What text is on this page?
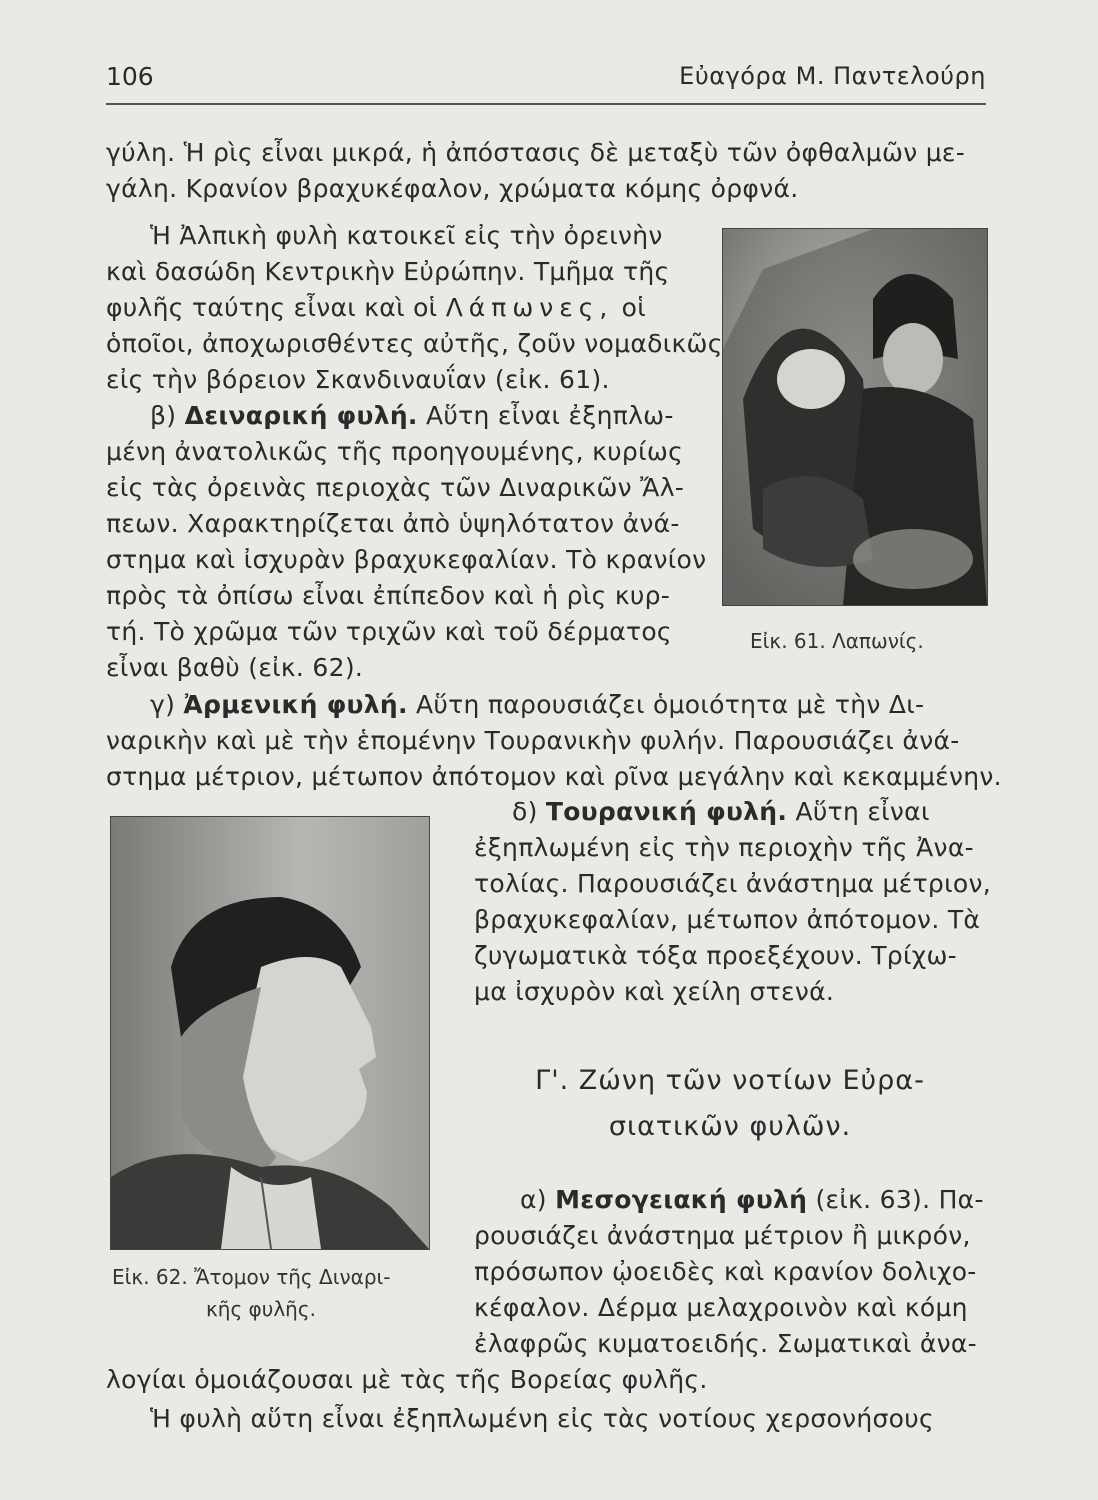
106	Εὐαγόρα Μ. Παντελούρη

γύλη. Ἡ ρὶς εἶναι μικρά, ἡ ἀπόστασις δὲ μεταξὺ τῶν ὀφθαλμῶν με-

γάλη. Κρανίον βραχυκέφαλον, χρώματα κόμης ὀρφνά.

Ἡ Ἀλπικὴ φυλὴ κατοικεῖ εἰς τὴν ὀρεινὴν

καὶ δασώδη Κεντρικὴν Εὐρώπην. Τμῆμα τῆς

φυλῆς ταύτης εἶναι καὶ οἱ Λάπωνες, οἱ

ὁποῖοι, ἀποχωρισθέντες αὐτῆς, ζοῦν νομαδικῶς

εἰς τὴν βόρειον Σκανδιναυΐαν (εἰκ. 61).

β) Δειναρική φυλή. Αὕτη εἶναι ἐξηπλω-

μένη ἀνατολικῶς τῆς προηγουμένης, κυρίως

εἰς τὰς ὀρεινὰς περιοχὰς τῶν Διναρικῶν Ἄλ-

πεων. Χαρακτηρίζεται ἀπὸ ὑψηλότατον ἀνά-

στημα καὶ ἰσχυρὰν βραχυκεφαλίαν. Τὸ κρανίον

πρὸς τὰ ὀπίσω εἶναι ἐπίπεδον καὶ ἡ ρὶς κυρ-

τή. Τὸ χρῶμα τῶν τριχῶν καὶ τοῦ δέρματος

εἶναι βαθὺ (εἰκ. 62).

Εἰκ. 61. Λαπωνίς.

γ) Ἀρμενική φυλή. Αὕτη παρουσιάζει ὁμοιότητα μὲ τὴν Δι-

ναρικὴν καὶ μὲ τὴν ἑπομένην Τουρανικὴν φυλήν. Παρουσιάζει ἀνά-

στημα μέτριον, μέτωπον ἀπότομον καὶ ρῖνα μεγάλην καὶ κεκαμμένην.

Εἰκ. 62. Ἄτομον τῆς Διναρι-

κῆς φυλῆς.

δ) Τουρανική φυλή. Αὕτη εἶναι

ἐξηπλωμένη εἰς τὴν περιοχὴν τῆς Ἀνα-

τολίας. Παρουσιάζει ἀνάστημα μέτριον,

βραχυκεφαλίαν, μέτωπον ἀπότομον. Τὰ

ζυγωματικὰ τόξα προεξέχουν. Τρίχω-

μα ἰσχυρὸν καὶ χείλη στενά.

Γ'. Ζώνη τῶν νοτίων Εὐρα-

σιατικῶν φυλῶν.

α) Μεσογειακή φυλή (εἰκ. 63). Πα-

ρουσιάζει ἀνάστημα μέτριον ἢ μικρόν,

πρόσωπον ᾠοειδὲς καὶ κρανίον δολιχο-

κέφαλον. Δέρμα μελαχροινὸν καὶ κόμη

ἐλαφρῶς κυματοειδής. Σωματικαὶ ἀνα-

λογίαι ὁμοιάζουσαι μὲ τὰς τῆς Βορείας φυλῆς.

Ἡ φυλὴ αὕτη εἶναι ἐξηπλωμένη εἰς τὰς νοτίους χερσονήσους
